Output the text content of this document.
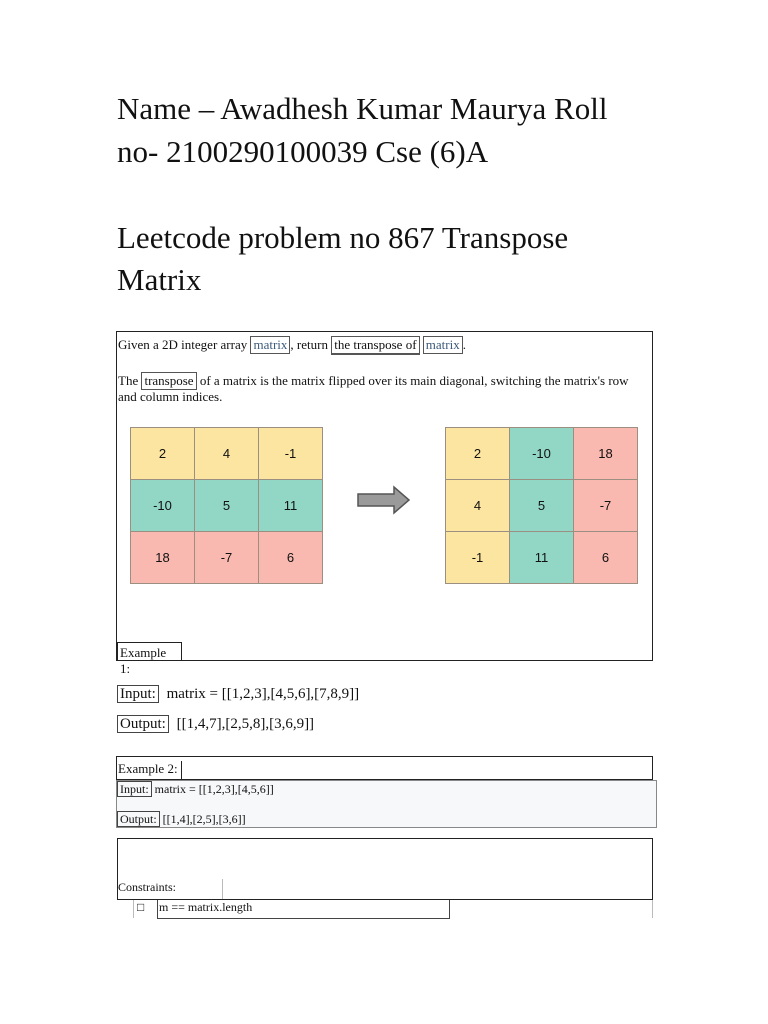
Name – Awadhesh Kumar Maurya Roll
no- 2100290100039 Cse (6)A
Leetcode problem no 867 Transpose
Matrix
Given a 2D integer array matrix , return the transpose of matrix .
The transpose of a matrix is the matrix flipped over its main diagonal, switching the matrix's row
and column indices.
2	4	-1
-10	5	11
18	-7	6
2	-10	18
4	5	-7
-1	11	6
Example 1:
Input: matrix = [[1,2,3],[4,5,6],[7,8,9]]
Output: [[1,4,7],[2,5,8],[3,6,9]]
Example 2:
Input: matrix = [[1,2,3],[4,5,6]]
Output: [[1,4],[2,5],[3,6]]
Constraints:
□ m == matrix.length
